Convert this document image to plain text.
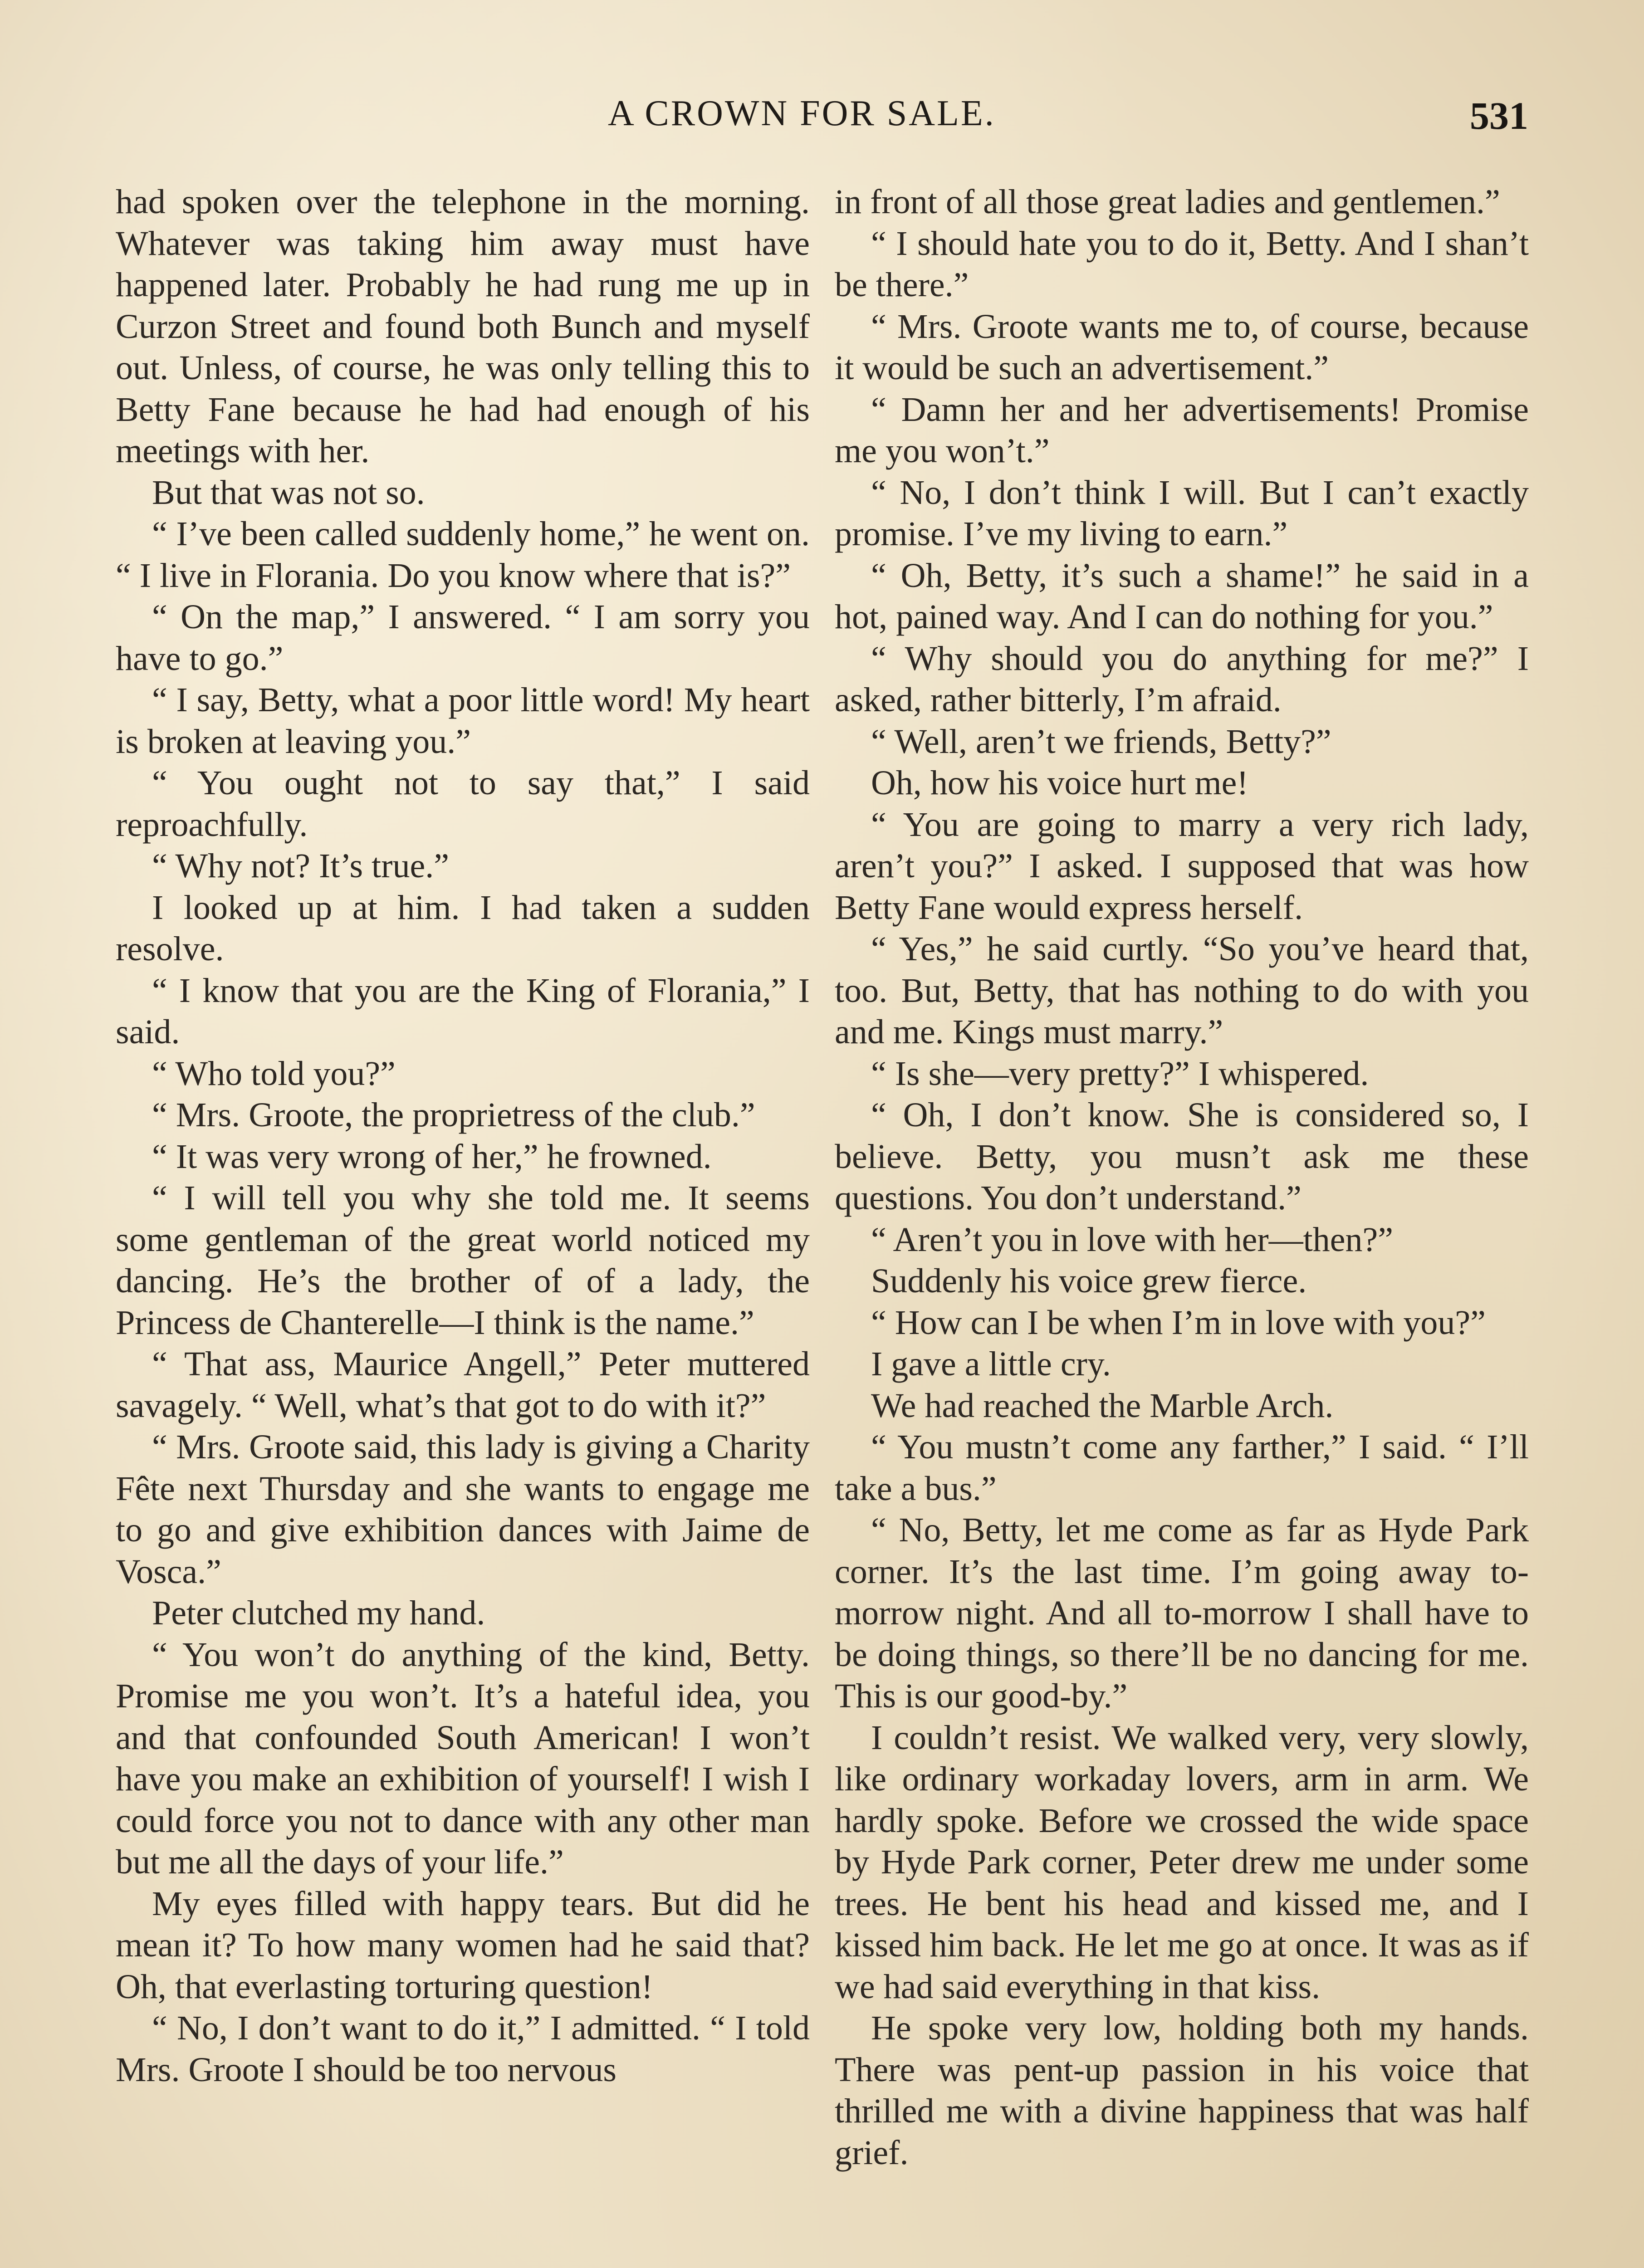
A CROWN FOR SALE.	531

had spoken over the telephone in the morning. Whatever was taking him away must have happened later. Probably he had rung me up in Curzon Street and found both Bunch and myself out. Unless, of course, he was only telling this to Betty Fane because he had had enough of his meetings with her.

But that was not so.

“ I’ve been called suddenly home,” he went on. “ I live in Florania. Do you know where that is?”

“ On the map,” I answered. “ I am sorry you have to go.”

“ I say, Betty, what a poor little word! My heart is broken at leaving you.”

“ You ought not to say that,” I said reproachfully.

“ Why not? It’s true.”

I looked up at him. I had taken a sudden resolve.

“ I know that you are the King of Florania,” I said.

“ Who told you?”

“ Mrs. Groote, the proprietress of the club.”

“ It was very wrong of her,” he frowned.

“ I will tell you why she told me. It seems some gentleman of the great world noticed my dancing. He’s the brother of of a lady, the Princess de Chanterelle—I think is the name.”

“ That ass, Maurice Angell,” Peter muttered savagely. “ Well, what’s that got to do with it?”

“ Mrs. Groote said, this lady is giving a Charity Fête next Thursday and she wants to engage me to go and give exhibition dances with Jaime de Vosca.”

Peter clutched my hand.

“ You won’t do anything of the kind, Betty. Promise me you won’t. It’s a hateful idea, you and that confounded South American! I won’t have you make an exhibition of yourself! I wish I could force you not to dance with any other man but me all the days of your life.”

My eyes filled with happy tears. But did he mean it? To how many women had he said that? Oh, that everlasting torturing question!

“ No, I don’t want to do it,” I admitted. “ I told Mrs. Groote I should be too nervous

in front of all those great ladies and gentlemen.”

“ I should hate you to do it, Betty. And I shan’t be there.”

“ Mrs. Groote wants me to, of course, because it would be such an advertisement.”

“ Damn her and her advertisements! Promise me you won’t.”

“ No, I don’t think I will. But I can’t exactly promise. I’ve my living to earn.”

“ Oh, Betty, it’s such a shame!” he said in a hot, pained way. And I can do nothing for you.”

“ Why should you do anything for me?” I asked, rather bitterly, I’m afraid.

“ Well, aren’t we friends, Betty?”

Oh, how his voice hurt me!

“ You are going to marry a very rich lady, aren’t you?” I asked. I supposed that was how Betty Fane would express herself.

“ Yes,” he said curtly. “So you’ve heard that, too. But, Betty, that has nothing to do with you and me. Kings must marry.”

“ Is she—very pretty?” I whispered.

“ Oh, I don’t know. She is considered so, I believe. Betty, you musn’t ask me these questions. You don’t understand.”

“ Aren’t you in love with her—then?”

Suddenly his voice grew fierce.

“ How can I be when I’m in love with you?”

I gave a little cry.

We had reached the Marble Arch.

“ You mustn’t come any farther,” I said. “ I’ll take a bus.”

“ No, Betty, let me come as far as Hyde Park corner. It’s the last time. I’m going away to-morrow night. And all to-morrow I shall have to be doing things, so there’ll be no dancing for me. This is our good-by.”

I couldn’t resist. We walked very, very slowly, like ordinary workaday lovers, arm in arm. We hardly spoke. Before we crossed the wide space by Hyde Park corner, Peter drew me under some trees. He bent his head and kissed me, and I kissed him back. He let me go at once. It was as if we had said everything in that kiss.

He spoke very low, holding both my hands. There was pent-up passion in his voice that thrilled me with a divine happiness that was half grief.
